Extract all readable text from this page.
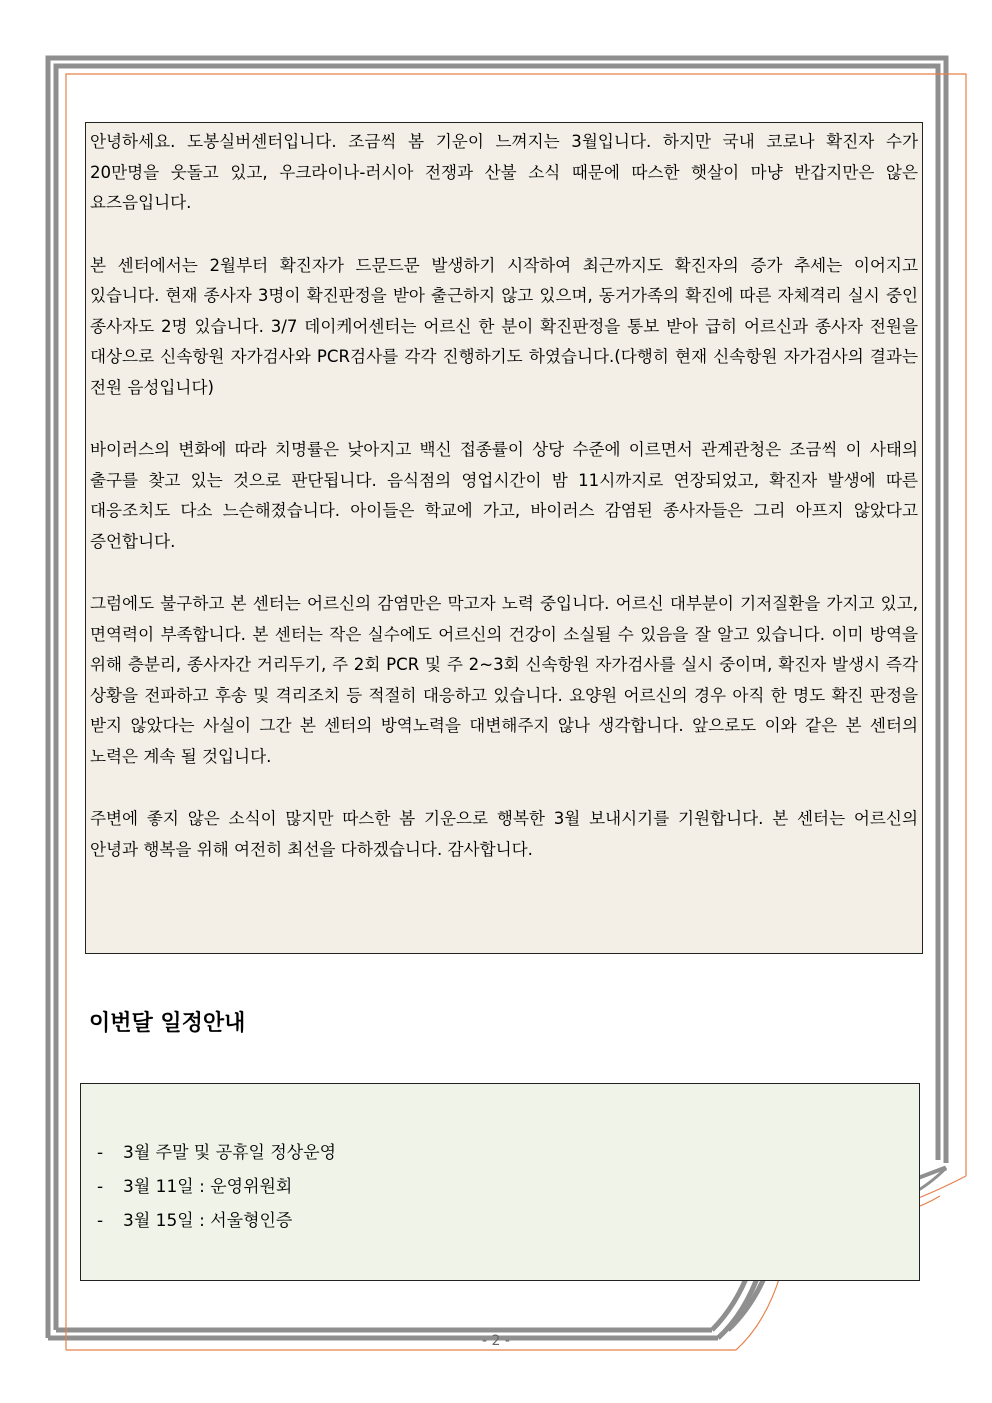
안녕하세요. 도봉실버센터입니다. 조금씩 봄 기운이 느껴지는 3월입니다. 하지만 국내 코로나 확진자 수가 20만명을 웃돌고 있고, 우크라이나-러시아 전쟁과 산불 소식 때문에 따스한 햇살이 마냥 반갑지만은 않은 요즈음입니다.

본 센터에서는 2월부터 확진자가 드문드문 발생하기 시작하여 최근까지도 확진자의 증가 추세는 이어지고 있습니다. 현재 종사자 3명이 확진판정을 받아 출근하지 않고 있으며, 동거가족의 확진에 따른 자체격리 실시 중인 종사자도 2명 있습니다. 3/7 데이케어센터는 어르신 한 분이 확진판정을 통보 받아 급히 어르신과 종사자 전원을 대상으로 신속항원 자가검사와 PCR검사를 각각 진행하기도 하였습니다.(다행히 현재 신속항원 자가검사의 결과는 전원 음성입니다)

바이러스의 변화에 따라 치명률은 낮아지고 백신 접종률이 상당 수준에 이르면서 관계관청은 조금씩 이 사태의 출구를 찾고 있는 것으로 판단됩니다. 음식점의 영업시간이 밤 11시까지로 연장되었고, 확진자 발생에 따른 대응조치도 다소 느슨해졌습니다. 아이들은 학교에 가고, 바이러스 감염된 종사자들은 그리 아프지 않았다고 증언합니다.

그럼에도 불구하고 본 센터는 어르신의 감염만은 막고자 노력 중입니다. 어르신 대부분이 기저질환을 가지고 있고, 면역력이 부족합니다. 본 센터는 작은 실수에도 어르신의 건강이 소실될 수 있음을 잘 알고 있습니다. 이미 방역을 위해 층분리, 종사자간 거리두기, 주 2회 PCR 및 주 2~3회 신속항원 자가검사를 실시 중이며, 확진자 발생시 즉각 상황을 전파하고 후송 및 격리조치 등 적절히 대응하고 있습니다. 요양원 어르신의 경우 아직 한 명도 확진 판정을 받지 않았다는 사실이 그간 본 센터의 방역노력을 대변해주지 않나 생각합니다. 앞으로도 이와 같은 본 센터의 노력은 계속 될 것입니다.

주변에 좋지 않은 소식이 많지만 따스한 봄 기운으로 행복한 3월 보내시기를 기원합니다. 본 센터는 어르신의 안녕과 행복을 위해 여전히 최선을 다하겠습니다. 감사합니다.

이번달 일정안내
- 3월 주말 및 공휴일 정상운영
- 3월 11일 : 운영위원회
- 3월 15일 : 서울형인증
- 2 -
